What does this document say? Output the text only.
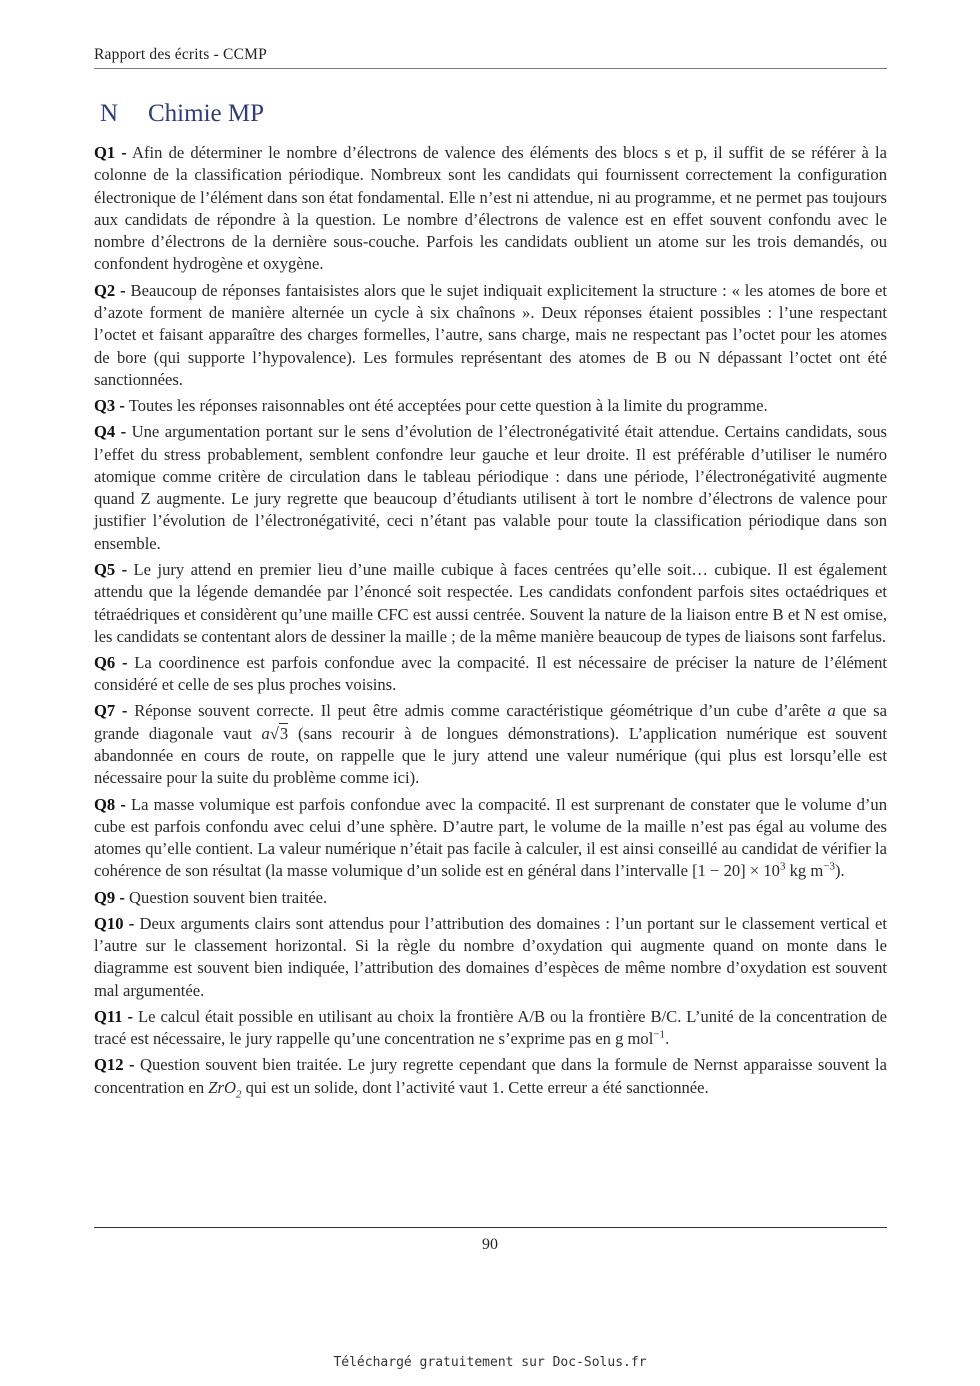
Rapport des écrits - CCMP
N Chimie MP

Q1 - Afin de déterminer le nombre d’électrons de valence des éléments des blocs s et p, il suffit de se référer à la colonne de la classification périodique. Nombreux sont les candidats qui fournissent correctement la configuration électronique de l’élément dans son état fondamental. Elle n’est ni attendue, ni au programme, et ne permet pas toujours aux candidats de répondre à la question. Le nombre d’électrons de valence est en effet souvent confondu avec le nombre d’électrons de la dernière sous-couche. Parfois les candidats oublient un atome sur les trois demandés, ou confondent hydrogène et oxygène.

Q2 - Beaucoup de réponses fantaisistes alors que le sujet indiquait explicitement la structure : « les atomes de bore et d’azote forment de manière alternée un cycle à six chaînons ». Deux réponses étaient possibles : l’une respectant l’octet et faisant apparaître des charges formelles, l’autre, sans charge, mais ne respectant pas l’octet pour les atomes de bore (qui supporte l’hypovalence). Les formules représentant des atomes de B ou N dépassant l’octet ont été sanctionnées.

Q3 - Toutes les réponses raisonnables ont été acceptées pour cette question à la limite du programme.

Q4 - Une argumentation portant sur le sens d’évolution de l’électronégativité était attendue. Certains candidats, sous l’effet du stress probablement, semblent confondre leur gauche et leur droite. Il est préférable d’utiliser le numéro atomique comme critère de circulation dans le tableau périodique : dans une période, l’électronégativité augmente quand Z augmente. Le jury regrette que beaucoup d’étudiants utilisent à tort le nombre d’électrons de valence pour justifier l’évolution de l’électronégativité, ceci n’étant pas valable pour toute la classification périodique dans son ensemble.

Q5 - Le jury attend en premier lieu d’une maille cubique à faces centrées qu’elle soit… cubique. Il est également attendu que la légende demandée par l’énoncé soit respectée. Les candidats confondent parfois sites octaédriques et tétraédriques et considèrent qu’une maille CFC est aussi centrée. Souvent la nature de la liaison entre B et N est omise, les candidats se contentant alors de dessiner la maille ; de la même manière beaucoup de types de liaisons sont farfelus.

Q6 - La coordinence est parfois confondue avec la compacité. Il est nécessaire de préciser la nature de l’élément considéré et celle de ses plus proches voisins.

Q7 - Réponse souvent correcte. Il peut être admis comme caractéristique géométrique d’un cube d’arête a que sa grande diagonale vaut a√3 (sans recourir à de longues démonstrations). L’application numérique est souvent abandonnée en cours de route, on rappelle que le jury attend une valeur numérique (qui plus est lorsqu’elle est nécessaire pour la suite du problème comme ici).

Q8 - La masse volumique est parfois confondue avec la compacité. Il est surprenant de constater que le volume d’un cube est parfois confondu avec celui d’une sphère. D’autre part, le volume de la maille n’est pas égal au volume des atomes qu’elle contient. La valeur numérique n’était pas facile à calculer, il est ainsi conseillé au candidat de vérifier la cohérence de son résultat (la masse volumique d’un solide est en général dans l’intervalle $[1 - 20] \times 10^3$ kg $m^{-3}$).

Q9 - Question souvent bien traitée.

Q10 - Deux arguments clairs sont attendus pour l’attribution des domaines : l’un portant sur le classement vertical et l’autre sur le classement horizontal. Si la règle du nombre d’oxydation qui augmente quand on monte dans le diagramme est souvent bien indiquée, l’attribution des domaines d’espèces de même nombre d’oxydation est souvent mal argumentée.

Q11 - Le calcul était possible en utilisant au choix la frontière A/B ou la frontière B/C. L’unité de la concentration de tracé est nécessaire, le jury rappelle qu’une concentration ne s’exprime pas en g mol$^{-1}$.

Q12 - Question souvent bien traitée. Le jury regrette cependant que dans la formule de Nernst apparaisse souvent la concentration en ZrO$_2$ qui est un solide, dont l’activité vaut 1. Cette erreur a été sanctionnée.

90
Téléchargé gratuitement sur Doc-Solus.fr
